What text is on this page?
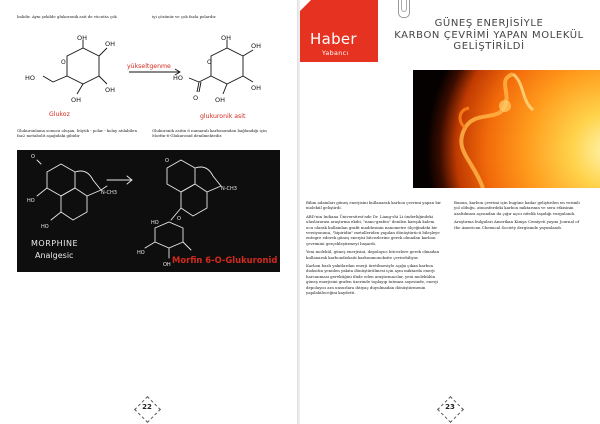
balidir. Aynı şekilde glukoronik asit de vücutta çok	iyi çözünür ve çok fazla polardır.
OH
OH
OH
OH
HO
O
OH
OH
OH
OH
HO
O
O
Glukoz
yükseltgenme
glukuronik asit
Glukuronlama sonucu oluşan, büyük - polar - kolay atılabilen faz2 metabolit aşağıdaki gibidir
Glukuronik asitin 6 numaralı karbonundan bağlandığı için Morfin-6-Glukuronid denilmektedir.
O
HO
HO
N-CH3
MORPHINE
Analgesic
N-CH3
HO
OH
HO
O
O
Morfin 6-O-Glukuronid
22
Haber
Yabancı
GÜNEŞ ENERJİSİYLE
KARBON ÇEVRİMİ YAPAN MOLEKÜL
GELİŞTİRİLDİ

Bilim adamları güneş enerjisini kullanarak karbon çevrimi yapan bir molekül geliştirdi.

ABD'nin Indiana Üniversitesi'nde Dr. Liang-shi Li önderliğindeki uluslararası araştırma ekibi, "nano-grafen" denilen karışık kalem ucu olarak kullanılan grafit maddesinin nanometre ölçeğindeki bir versiyonunu, "bipiridin" metalleriden yapılan dönüştürücü bileşleye entegre ederek güneş enerjisi bitcezlerine gerek olmadan karbon çevrimini gerçekleştirmeyi başardı.

Yeni molekül, güneş enerjisini, depolayıcı bitcezlere gerek olmadan kullanarak karbondioksiti karbonmonoksite çevirebiliyor.

Karbon bazlı yakıtlardan enerji üretilmesiyle açığa çıkan karbon dioksitin yeniden yakıta dönüştürülmesi için aynı miktarda enerji harcanması gerektiğini ifade eden araştırmacılar, yeni molekülün güneş enerjisini grafen üzerinde toplayıp tutması sayesinde, enerji depolayıcı ara unsurlara ihtiyaç duyulmadan dönüştürmenin yapılabileceğini kaydetti.

Bunun, karbon çevrimi için bugüne kadar geliştirilen en verimli yol olduğu, atmosferdeki karbon miktarının ve sera etkisinin azaltılması açısından da çığır açıcı nitelik taşıdığı vurgulandı.

Araştırma bulguları Amerikan Kimya Cemiyeti yayını Journal of the American Chemical Society dergisinde yayımlandı.

23
